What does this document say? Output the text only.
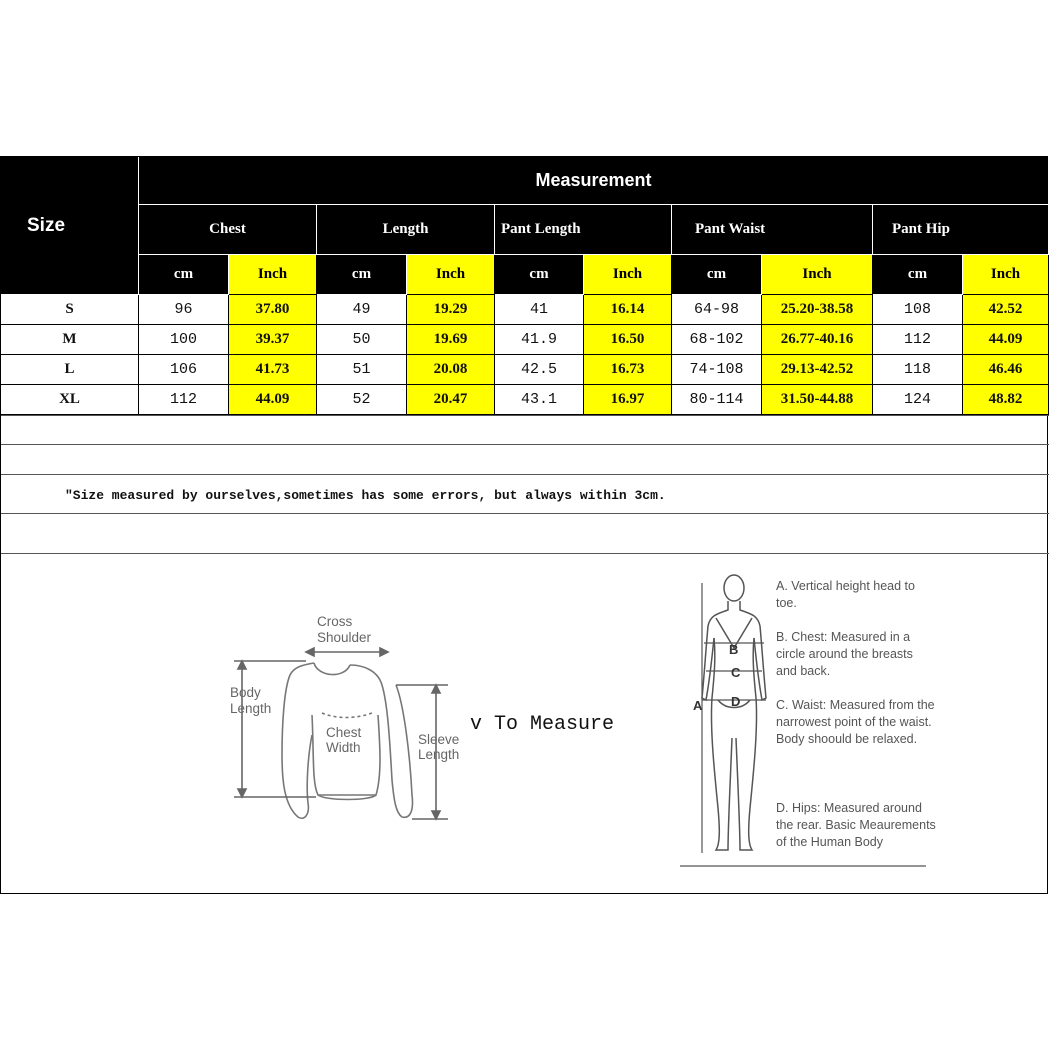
Size
Measurement
Chest	Length	Pant Length	Pant Waist	Pant Hip
cm	Inch	cm	Inch	cm	Inch	cm	Inch	cm	Inch
S	96	37.80	49	19.29	41	16.14	64-98	25.20-38.58	108	42.52
M	100	39.37	50	19.69	41.9	16.50	68-102	26.77-40.16	112	44.09
L	106	41.73	51	20.08	42.5	16.73	74-108	29.13-42.52	118	46.46
XL	112	44.09	52	20.47	43.1	16.97	80-114	31.50-44.88	124	48.82
"Size measured by ourselves,sometimes has some errors, but always within 3cm.
Cross
Shoulder
Body
Length
Chest
Width
Sleeve
Length
v To Measure
B
C
D
A
A. Vertical height head to toe.
B. Chest: Measured in a circle around the breasts and back.
C. Waist: Measured from the narrowest point of the waist. Body shoould be relaxed.
D. Hips: Measured around the rear. Basic Meaurements of the Human Body
